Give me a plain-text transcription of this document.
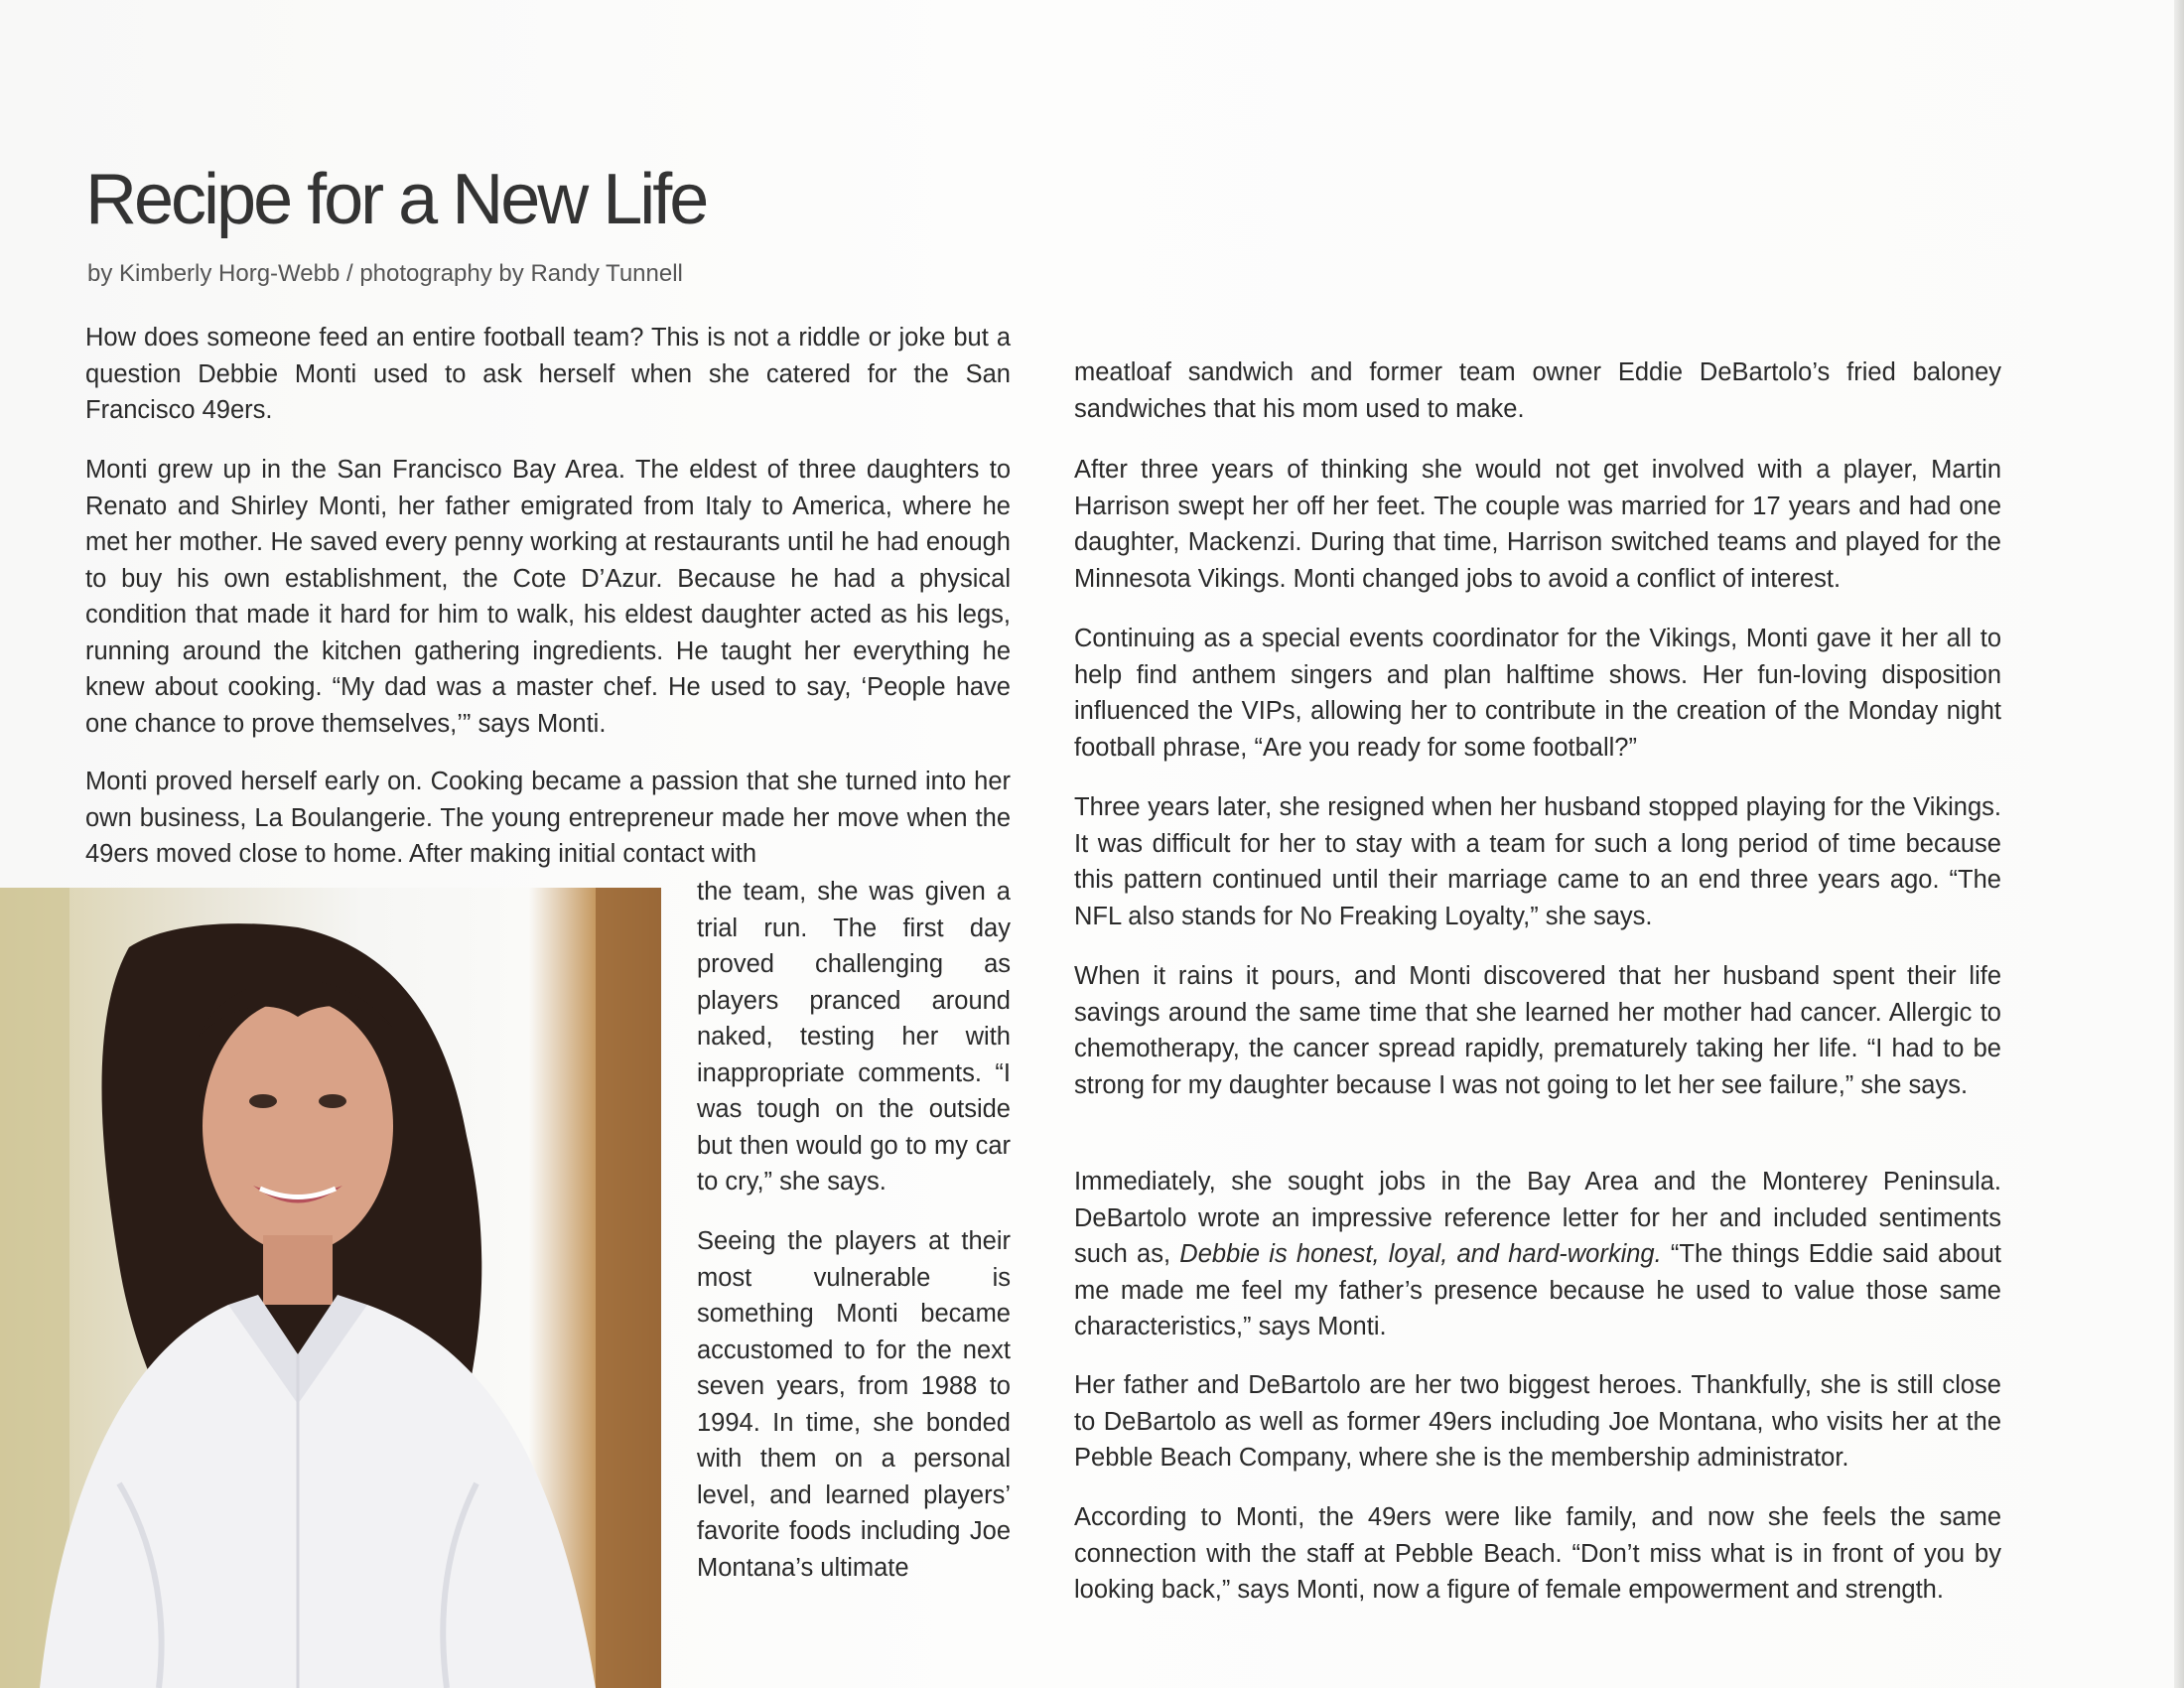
Recipe for a New Life
by Kimberly Horg-Webb / photography by Randy Tunnell

How does someone feed an entire football team? This is not a riddle or joke but a question Debbie Monti used to ask herself when she catered for the San Francisco 49ers.

Monti grew up in the San Francisco Bay Area. The eldest of three daughters to Renato and Shirley Monti, her father emigrated from Italy to America, where he met her mother. He saved every penny working at restaurants until he had enough to buy his own establishment, the Cote D’Azur. Because he had a physical condition that made it hard for him to walk, his eldest daughter acted as his legs, running around the kitchen gathering ingredients. He taught her everything he knew about cooking. “My dad was a master chef. He used to say, ‘People have one chance to prove themselves,’” says Monti.

Monti proved herself early on. Cooking became a passion that she turned into her own business, La Boulangerie. The young entrepreneur made her move when the 49ers moved close to home. After making initial contact with

the team, she was given a trial run. The first day proved challenging as players pranced around naked, testing her with inappropriate comments. “I was tough on the outside but then would go to my car to cry,” she says.

Seeing the players at their most vulnerable is something Monti became accustomed to for the next seven years, from 1988 to 1994. In time, she bonded with them on a personal level, and learned players’ favorite foods including Joe Montana’s ultimate

meatloaf sandwich and former team owner Eddie DeBartolo’s fried baloney sandwiches that his mom used to make.

After three years of thinking she would not get involved with a player, Martin Harrison swept her off her feet. The couple was married for 17 years and had one daughter, Mackenzi. During that time, Harrison switched teams and played for the Minnesota Vikings. Monti changed jobs to avoid a conflict of interest.

Continuing as a special events coordinator for the Vikings, Monti gave it her all to help find anthem singers and plan halftime shows. Her fun-loving disposition influenced the VIPs, allowing her to contribute in the creation of the Monday night football phrase, “Are you ready for some football?”

Three years later, she resigned when her husband stopped playing for the Vikings. It was difficult for her to stay with a team for such a long period of time because this pattern continued until their marriage came to an end three years ago. “The NFL also stands for No Freaking Loyalty,” she says.

When it rains it pours, and Monti discovered that her husband spent their life savings around the same time that she learned her mother had cancer. Allergic to chemotherapy, the cancer spread rapidly, prematurely taking her life. “I had to be strong for my daughter because I was not going to let her see failure,” she says.

Immediately, she sought jobs in the Bay Area and the Monterey Peninsula. DeBartolo wrote an impressive reference letter for her and included sentiments such as, Debbie is honest, loyal, and hard-working. “The things Eddie said about me made me feel my father’s presence because he used to value those same characteristics,” says Monti.

Her father and DeBartolo are her two biggest heroes. Thankfully, she is still close to DeBartolo as well as former 49ers including Joe Montana, who visits her at the Pebble Beach Company, where she is the membership administrator.

According to Monti, the 49ers were like family, and now she feels the same connection with the staff at Pebble Beach. “Don’t miss what is in front of you by looking back,” says Monti, now a figure of female empowerment and strength.
